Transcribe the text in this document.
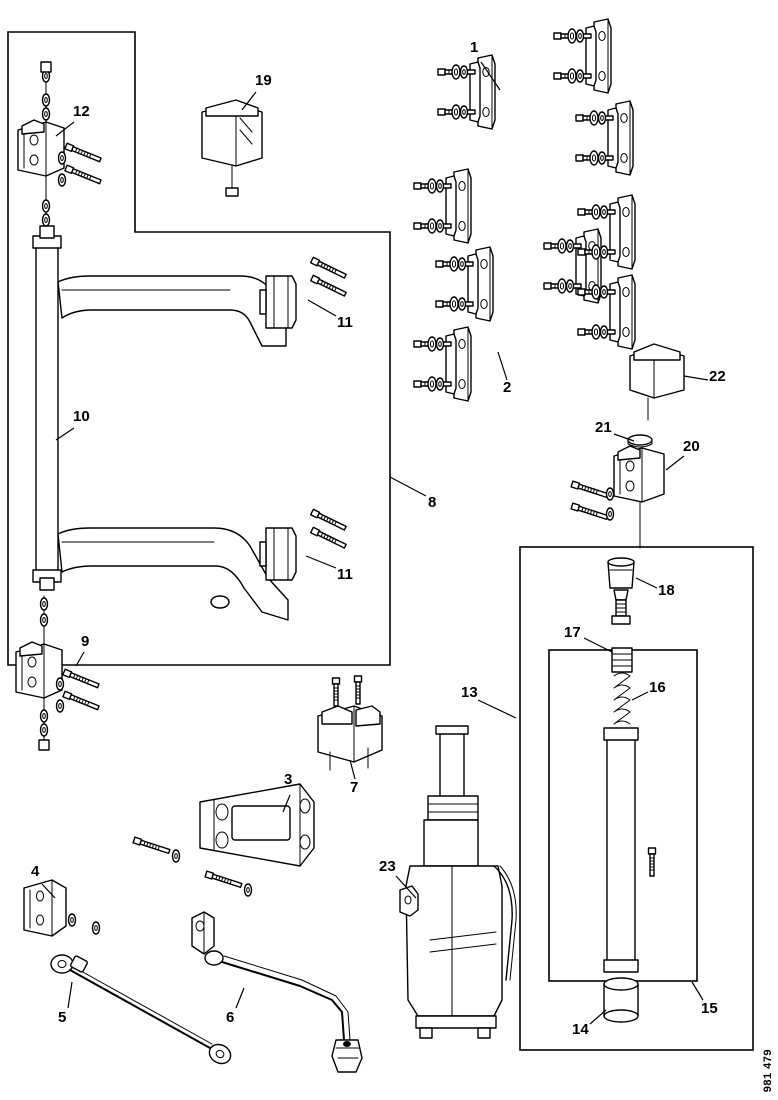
1
2
3
4
5	6
7
8
9
10
11
11
12
13
14
15
16
17
18
19
20
21
22
23
981 479
